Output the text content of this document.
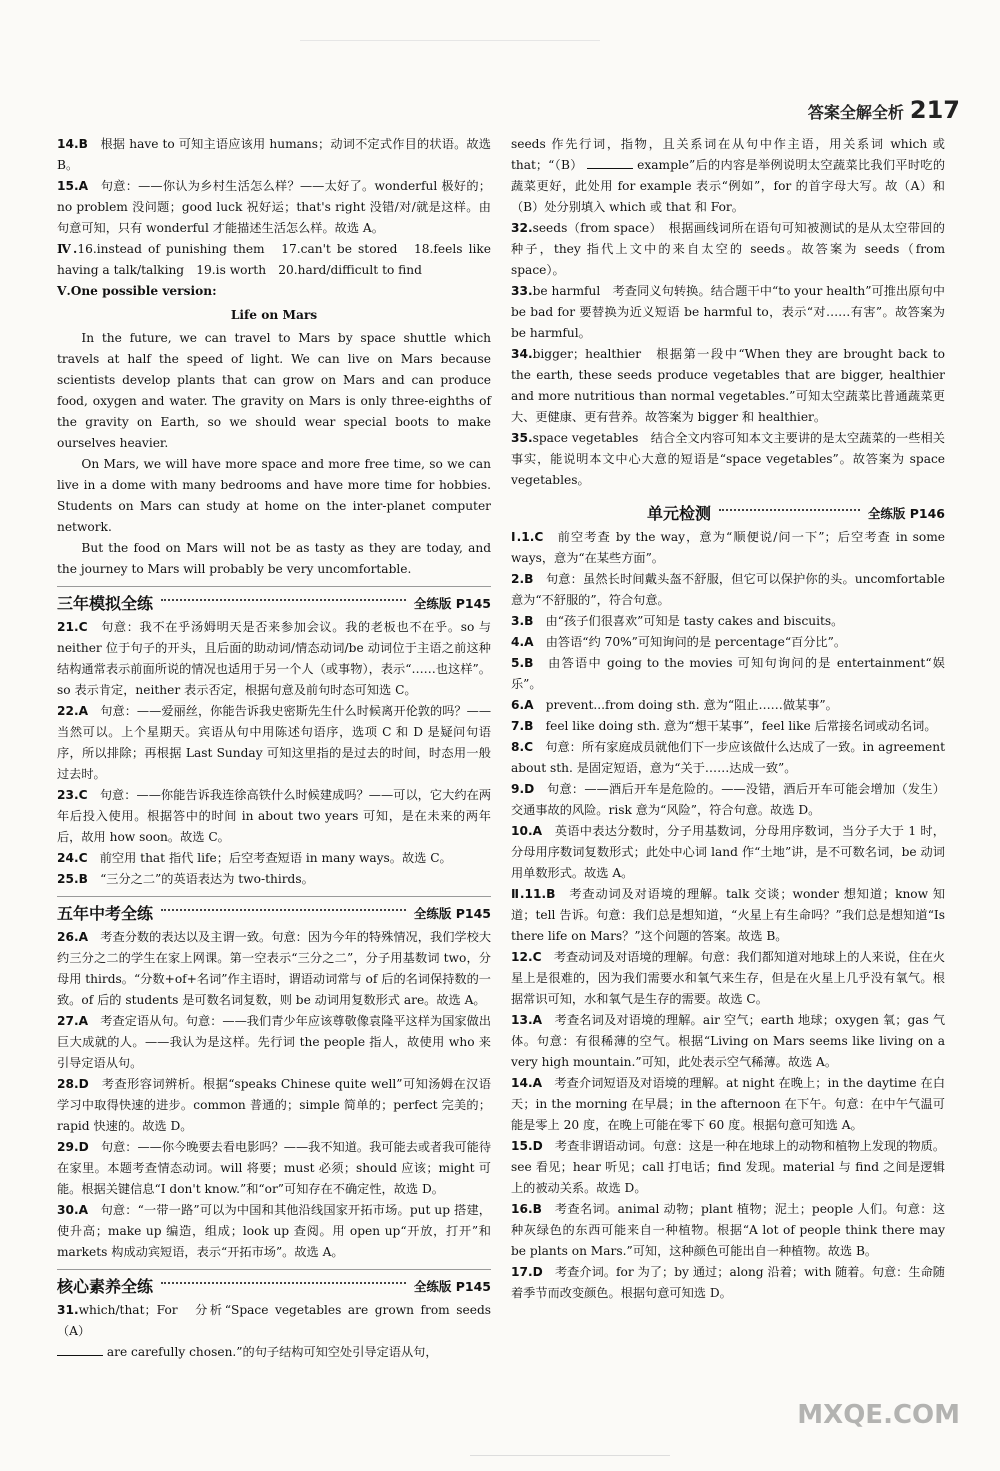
答案全解全析 217

14.B　 根据 have to 可知主语应该用 humans；动词不定式作目的状语。故选 B。

15.A　 句意：——你认为乡村生活怎么样？——太好了。wonderful 极好的；no problem 没问题；good luck 祝好运；that's right 没错/对/就是这样。由句意可知，只有 wonderful 才能描述生活怎么样。故选 A。

Ⅳ.16.instead of punishing them　17.can't be stored　18.feels like having a talk/talking　19.is worth　20.hard/difficult to find

Ⅴ.One possible version:

Life on Mars

In the future, we can travel to Mars by space shuttle which travels at half the speed of light. We can live on Mars because scientists develop plants that can grow on Mars and can produce food, oxygen and water. The gravity on Mars is only three-eighths of the gravity on Earth, so we should wear special boots to make ourselves heavier.

On Mars, we will have more space and more free time, so we can live in a dome with many bedrooms and have more time for hobbies. Students on Mars can study at home on the inter-planet computer network.

But the food on Mars will not be as tasty as they are today, and the journey to Mars will probably be very uncomfortable.

三年模拟全练	全练版 P145

21.C　 句意：我不在乎汤姆明天是否来参加会议。我的老板也不在乎。so 与 neither 位于句子的开头，且后面的助动词/情态动词/be 动词位于主语之前这种结构通常表示前面所说的情况也适用于另一个人（或事物），表示“……也这样”。so 表示肯定，neither 表示否定，根据句意及前句时态可知选 C。

22.A　 句意：——爱丽丝，你能告诉我史密斯先生什么时候离开伦敦的吗？——当然可以。上个星期天。宾语从句中用陈述句语序，选项 C 和 D 是疑问句语序，所以排除；再根据 Last Sunday 可知这里指的是过去的时间，时态用一般过去时。

23.C　 句意：——你能告诉我连徐高铁什么时候建成吗？——可以，它大约在两年后投入使用。根据答中的时间 in about two years 可知，是在未来的两年后，故用 how soon。故选 C。

24.C　 前空用 that 指代 life；后空考查短语 in many ways。故选 C。

25.B　 “三分之二”的英语表达为 two-thirds。

五年中考全练	全练版 P145

26.A　 考查分数的表达以及主谓一致。句意：因为今年的特殊情况，我们学校大约三分之二的学生在家上网课。第一空表示“三分之二”，分子用基数词 two，分母用 thirds。“分数+of+名词”作主语时，谓语动词常与 of 后的名词保持数的一致。of 后的 students 是可数名词复数，则 be 动词用复数形式 are。故选 A。

27.A　 考查定语从句。句意：——我们青少年应该尊敬像袁隆平这样为国家做出巨大成就的人。——我认为是这样。先行词 the people 指人，故使用 who 来引导定语从句。

28.D　 考查形容词辨析。根据“speaks Chinese quite well”可知汤姆在汉语学习中取得快速的进步。common 普通的；simple 简单的；perfect 完美的；rapid 快速的。故选 D。

29.D　 句意：——你今晚要去看电影吗？——我不知道。我可能去或者我可能待在家里。本题考查情态动词。will 将要；must 必须；should 应该；might 可能。根据关键信息“I don't know.”和“or”可知存在不确定性，故选 D。

30.A　 句意：“一带一路”可以为中国和其他沿线国家开拓市场。put up 搭建，使升高；make up 编造，组成；look up 查阅。用 open up“开放，打开”和 markets 构成动宾短语，表示“开拓市场”。故选 A。

核心素养全练	全练版 P145

31.which/that；For　分析“Space vegetables are grown from seeds（A）

are carefully chosen.”的句子结构可知空处引导定语从句，

seeds 作先行词，指物，且关系词在从句中作主语，用关系词 which 或 that；“（B）	example”后的内容是举例说明太空蔬菜比我们平时吃的蔬菜更好，此处用 for example 表示“例如”，for 的首字母大写。故（A）和（B）处分别填入 which 或 that 和 For。

32.seeds（from space）　根据画线词所在语句可知被测试的是从太空带回的种子，they 指代上文中的来自太空的 seeds。故答案为 seeds（from space）。

33.be harmful　考查同义句转换。结合题干中“to your health”可推出原句中 be bad for 要替换为近义短语 be harmful to，表示“对……有害”。故答案为 be harmful。

34.bigger；healthier　根据第一段中“When they are brought back to the earth, these seeds produce vegetables that are bigger, healthier and more nutritious than normal vegetables.”可知太空蔬菜比普通蔬菜更大、更健康、更有营养。故答案为 bigger 和 healthier。

35.space vegetables　结合全文内容可知本文主要讲的是太空蔬菜的一些相关事实，能说明本文中心大意的短语是“space vegetables”。故答案为 space vegetables。

单元检测	全练版 P146

Ⅰ.1.C　 前空考查 by the way，意为“顺便说/问一下”；后空考查 in some ways，意为“在某些方面”。

2.B　 句意：虽然长时间戴头盔不舒服，但它可以保护你的头。uncomfortable 意为“不舒服的”，符合句意。

3.B　 由“孩子们很喜欢”可知是 tasty cakes and biscuits。

4.A　 由答语“约 70%”可知询问的是 percentage“百分比”。

5.B　 由答语中 going to the movies 可知句询问的是 entertainment“娱乐”。

6.A　 prevent...from doing sth. 意为“阻止……做某事”。

7.B　 feel like doing sth. 意为“想干某事”，feel like 后常接名词或动名词。

8.C　 句意：所有家庭成员就他们下一步应该做什么达成了一致。in agreement about sth. 是固定短语，意为“关于……达成一致”。

9.D　 句意：——酒后开车是危险的。——没错，酒后开车可能会增加（发生）交通事故的风险。risk 意为“风险”，符合句意。故选 D。

10.A　 英语中表达分数时，分子用基数词，分母用序数词，当分子大于 1 时，分母用序数词复数形式；此处中心词 land 作“土地”讲，是不可数名词，be 动词用单数形式。故选 A。

Ⅱ.11.B　 考查动词及对语境的理解。talk 交谈；wonder 想知道；know 知道；tell 告诉。句意：我们总是想知道，“火星上有生命吗？”我们总是想知道“Is there life on Mars？”这个问题的答案。故选 B。

12.C　 考查动词及对语境的理解。句意：我们都知道对地球上的人来说，住在火星上是很难的，因为我们需要水和氧气来生存，但是在火星上几乎没有氧气。根据常识可知，水和氧气是生存的需要。故选 C。

13.A　 考查名词及对语境的理解。air 空气；earth 地球；oxygen 氧；gas 气体。句意：有很稀薄的空气。根据“Living on Mars seems like living on a very high mountain.”可知，此处表示空气稀薄。故选 A。

14.A　 考查介词短语及对语境的理解。at night 在晚上；in the daytime 在白天；in the morning 在早晨；in the afternoon 在下午。句意：在中午气温可能是零上 20 度，在晚上可能在零下 60 度。根据句意可知选 A。

15.D　 考查非谓语动词。句意：这是一种在地球上的动物和植物上发现的物质。see 看见；hear 听见；call 打电话；find 发现。material 与 find 之间是逻辑上的被动关系。故选 D。

16.B　 考查名词。animal 动物；plant 植物；泥土；people 人们。句意：这种灰绿色的东西可能来自一种植物。根据“A lot of people think there may be plants on Mars.”可知，这种颜色可能出自一种植物。故选 B。

17.D　 考查介词。for 为了；by 通过；along 沿着；with 随着。句意：生命随着季节而改变颜色。根据句意可知选 D。

MXQE.COM
